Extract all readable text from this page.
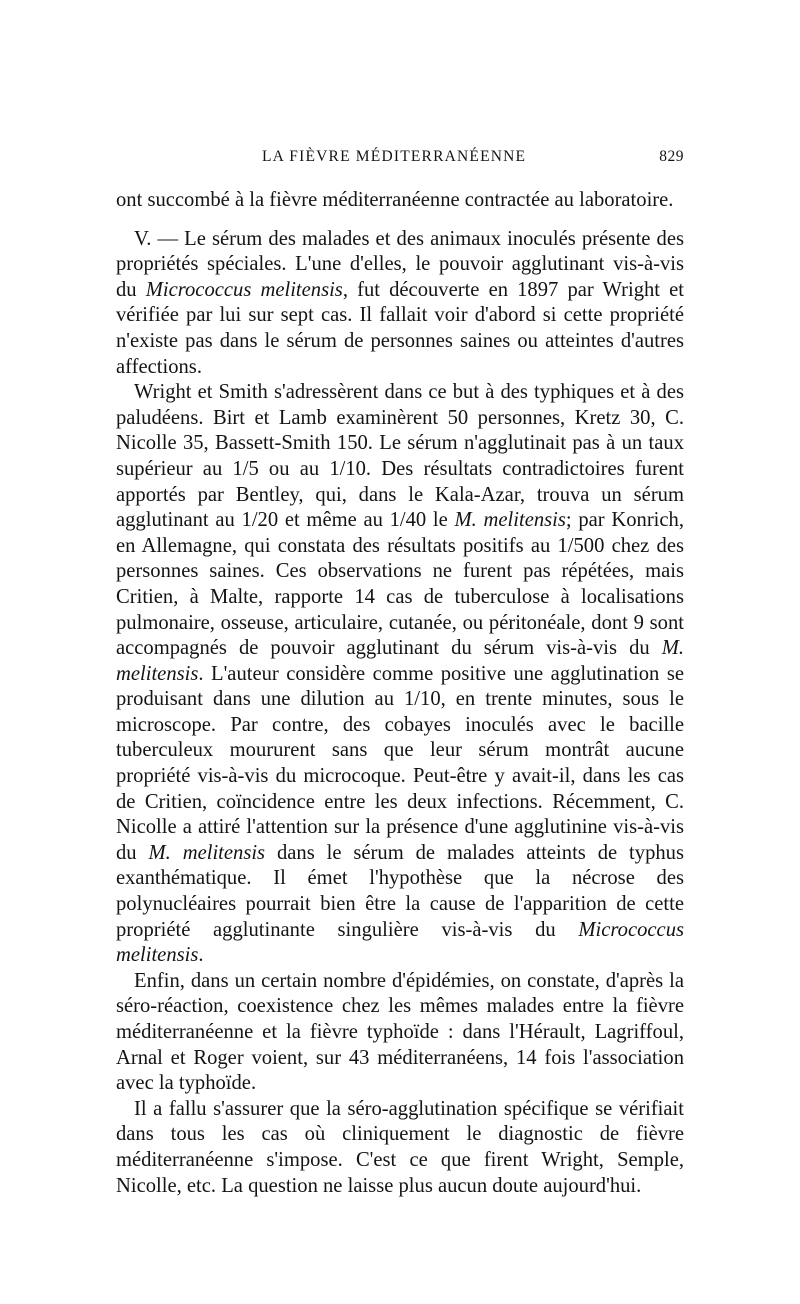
LA FIÈVRE MÉDITERRANÉENNE	829

ont succombé à la fièvre méditerranéenne contractée au laboratoire.

V. — Le sérum des malades et des animaux inoculés présente des propriétés spéciales. L'une d'elles, le pouvoir agglutinant vis-à-vis du Micrococcus melitensis, fut découverte en 1897 par Wright et vérifiée par lui sur sept cas. Il fallait voir d'abord si cette propriété n'existe pas dans le sérum de personnes saines ou atteintes d'autres affections.

Wright et Smith s'adressèrent dans ce but à des typhiques et à des paludéens. Birt et Lamb examinèrent 50 personnes, Kretz 30, C. Nicolle 35, Bassett-Smith 150. Le sérum n'agglutinait pas à un taux supérieur au 1/5 ou au 1/10. Des résultats contradictoires furent apportés par Bentley, qui, dans le Kala-Azar, trouva un sérum agglutinant au 1/20 et même au 1/40 le M. melitensis; par Konrich, en Allemagne, qui constata des résultats positifs au 1/500 chez des personnes saines. Ces observations ne furent pas répétées, mais Critien, à Malte, rapporte 14 cas de tuberculose à localisations pulmonaire, osseuse, articulaire, cutanée, ou péritonéale, dont 9 sont accompagnés de pouvoir agglutinant du sérum vis-à-vis du M. melitensis. L'auteur considère comme positive une agglutination se produisant dans une dilution au 1/10, en trente minutes, sous le microscope. Par contre, des cobayes inoculés avec le bacille tuberculeux moururent sans que leur sérum montrât aucune propriété vis-à-vis du microcoque. Peut-être y avait-il, dans les cas de Critien, coïncidence entre les deux infections. Récemment, C. Nicolle a attiré l'attention sur la présence d'une agglutinine vis-à-vis du M. melitensis dans le sérum de malades atteints de typhus exanthématique. Il émet l'hypothèse que la nécrose des polynucléaires pourrait bien être la cause de l'apparition de cette propriété agglutinante singulière vis-à-vis du Micrococcus melitensis.

Enfin, dans un certain nombre d'épidémies, on constate, d'après la séro-réaction, coexistence chez les mêmes malades entre la fièvre méditerranéenne et la fièvre typhoïde : dans l'Hérault, Lagriffoul, Arnal et Roger voient, sur 43 méditerranéens, 14 fois l'association avec la typhoïde.

Il a fallu s'assurer que la séro-agglutination spécifique se vérifiait dans tous les cas où cliniquement le diagnostic de fièvre méditerranéenne s'impose. C'est ce que firent Wright, Semple, Nicolle, etc. La question ne laisse plus aucun doute aujourd'hui.
